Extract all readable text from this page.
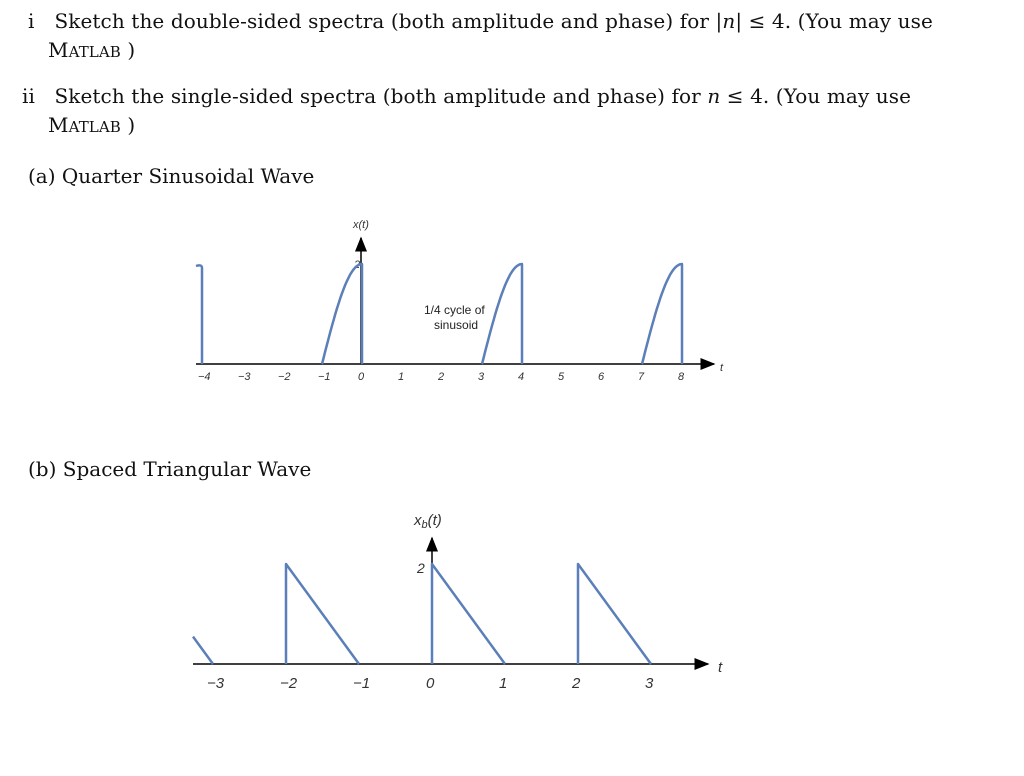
i Sketch the double-sided spectra (both amplitude and phase) for |n| ≤ 4. (You may use
MATLAB )
ii Sketch the single-sided spectra (both amplitude and phase) for n ≤ 4. (You may use
MATLAB )
(a) Quarter Sinusoidal Wave
(b) Spaced Triangular Wave
x(t)
t
2
−4 −3 −2 −1 0	1	2	3	4	5	6	7	8
1/4 cycle of
sinusoid
$x_b(t)$
t
2
−3	−2	−1	0	1	2	3
